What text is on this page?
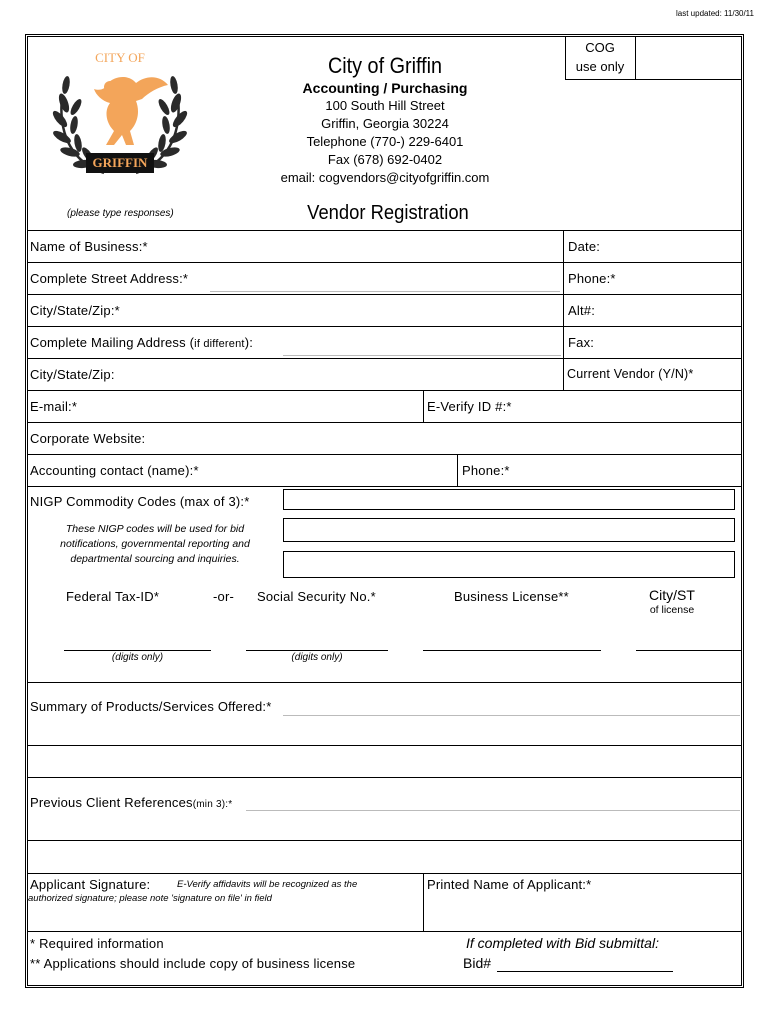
last updated: 11/30/11
COG
use only
CITY OF
GRIFFIN
City of Griffin
Accounting / Purchasing
100 South Hill Street
Griffin, Georgia 30224
Telephone (770-) 229-6401
Fax (678) 692-0402
email: cogvendors@cityofgriffin.com
(please type responses)	Vendor Registration
Name of Business:*	Date:
Complete Street Address:*	Phone:*
City/State/Zip:*	Alt#:
Complete Mailing Address (if different):	Fax:
City/State/Zip:	Current Vendor (Y/N)*
E-mail:*	E-Verify ID #:*
Corporate Website:
Accounting contact (name):*	Phone:*
NIGP Commodity Codes (max of 3):*
These NIGP codes will be used for bid
notifications, governmental reporting and
departmental sourcing and inquiries.
Federal Tax-ID*	-or- Social Security No.*	Business License**	City/ST
of license
(digits only)	(digits only)
Summary of Products/Services Offered:*
Previous Client References(min 3):*
Applicant Signature:	E-Verify affidavits will be recognized as the
authorized signature; please note 'signature on file' in field
Printed Name of Applicant:*
* Required information
** Applications should include copy of business license
If completed with Bid submittal:
Bid#
